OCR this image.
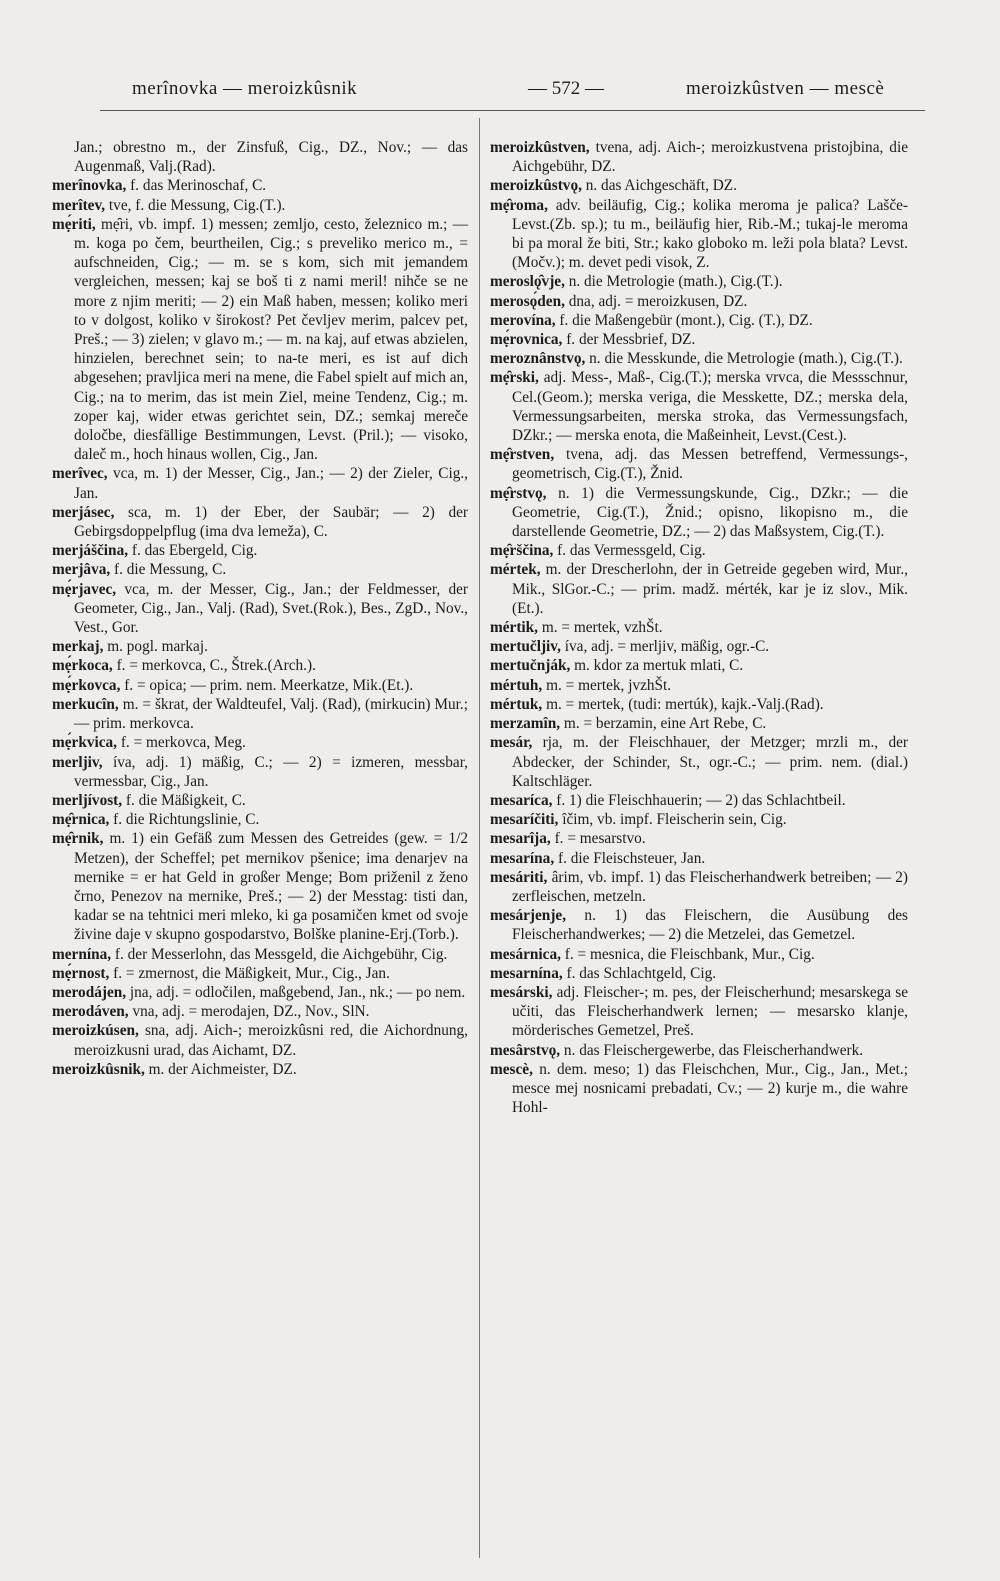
merînovka — meroizkûsnik	— 572 —	meroizkûstven — mescè
Jan.; obrestno m., der Zinsfuß, Cig., DZ., Nov.; — das Augenmaß, Valj.(Rad).
merînovka, f. das Merinoschaf, C.
merîtev, tve, f. die Messung, Cig.(T.).
mẹ́riti, mẹ̑ri, vb. impf. 1) messen; zemljo, cesto, železnico m.; — m. koga po čem, beurtheilen, Cig.; s preveliko merico m., = aufschneiden, Cig.; — m. se s kom, sich mit jemandem vergleichen, messen; kaj se boš ti z nami meril! nihče se ne more z njim meriti; — 2) ein Maß haben, messen; koliko meri to v dolgost, koliko v širokost? Pet čevljev merim, palcev pet, Preš.; — 3) zielen; v glavo m.; — m. na kaj, auf etwas abzielen, hinzielen, berechnet sein; to na-te meri, es ist auf dich abgesehen; pravljica meri na mene, die Fabel spielt auf mich an, Cig.; na to merim, das ist mein Ziel, meine Tendenz, Cig.; m. zoper kaj, wider etwas gerichtet sein, DZ.; semkaj mereče določbe, diesfällige Bestimmungen, Levst. (Pril.); — visoko, daleč m., hoch hinaus wollen, Cig., Jan.
merîvec, vca, m. 1) der Messer, Cig., Jan.; — 2) der Zieler, Cig., Jan.
merjásec, sca, m. 1) der Eber, der Saubär; — 2) der Gebirgsdoppelpflug (ima dva lemeža), C.
merjáščina, f. das Ebergeld, Cig.
merjâva, f. die Messung, C.
mẹ́rjavec, vca, m. der Messer, Cig., Jan.; der Feldmesser, der Geometer, Cig., Jan., Valj. (Rad), Svet.(Rok.), Bes., ZgD., Nov., Vest., Gor.
merkaj, m. pogl. markaj.
mẹ́rkoca, f. = merkovca, C., Štrek.(Arch.).
mẹ́rkovca, f. = opica; — prim. nem. Meerkatze, Mik.(Et.).
merkucîn, m. = škrat, der Waldteufel, Valj. (Rad), (mirkucin) Mur.; — prim. merkovca.
mẹ́rkvica, f. = merkovca, Meg.
merljiv, íva, adj. 1) mäßig, C.; — 2) = izmeren, messbar, vermessbar, Cig., Jan.
merljívost, f. die Mäßigkeit, C.
mẹ̑rnica, f. die Richtungslinie, C.
mẹ̑rnik, m. 1) ein Gefäß zum Messen des Getreides (gew. = 1/2 Metzen), der Scheffel; pet mernikov pšenice; ima denarjev na mernike = er hat Geld in großer Menge; Bom priženil z ženo črno, Penezov na mernike, Preš.; — 2) der Messtag: tisti dan, kadar se na tehtnici meri mleko, ki ga posamičen kmet od svoje živine daje v skupno gospodarstvo, Bolške planine-Erj.(Torb.).
mernína, f. der Messerlohn, das Messgeld, die Aichgebühr, Cig.
mẹ́rnost, f. = zmernost, die Mäßigkeit, Mur., Cig., Jan.
merodájen, jna, adj. = odločilen, maßgebend, Jan., nk.; — po nem.
merodáven, vna, adj. = merodajen, DZ., Nov., SlN.
meroizkúsen, sna, adj. Aich-; meroizkûsni red, die Aichordnung, meroizkusni urad, das Aichamt, DZ.
meroizkûsnik, m. der Aichmeister, DZ.
meroizkûstven, tvena, adj. Aich-; meroizkustvena pristojbina, die Aichgebühr, DZ.
meroizkûstvǫ, n. das Aichgeschäft, DZ.
mẹ̑roma, adv. beiläufig, Cig.; kolika meroma je palica? Lašče-Levst.(Zb. sp.); tu m., beiläufig hier, Rib.-M.; tukaj-le meroma bi pa moral že biti, Str.; kako globoko m. leži pola blata? Levst.(Močv.); m. devet pedi visok, Z.
meroslǫ̑vje, n. die Metrologie (math.), Cig.(T.).
merosǫ́den, dna, adj. = meroizkusen, DZ.
merovína, f. die Maßengebür (mont.), Cig. (T.), DZ.
mẹ́rovnica, f. der Messbrief, DZ.
meroznânstvǫ, n. die Messkunde, die Metrologie (math.), Cig.(T.).
mẹ̑rski, adj. Mess-, Maß-, Cig.(T.); merska vrvca, die Messschnur, Cel.(Geom.); merska veriga, die Messkette, DZ.; merska dela, Vermessungsarbeiten, merska stroka, das Vermessungsfach, DZkr.; — merska enota, die Maßeinheit, Levst.(Cest.).
mẹ̑rstven, tvena, adj. das Messen betreffend, Vermessungs-, geometrisch, Cig.(T.), Žnid.
mẹ̑rstvǫ, n. 1) die Vermessungskunde, Cig., DZkr.; — die Geometrie, Cig.(T.), Žnid.; opisno, likopisno m., die darstellende Geometrie, DZ.; — 2) das Maßsystem, Cig.(T.).
mẹ̑rščina, f. das Vermessgeld, Cig.
mértek, m. der Drescherlohn, der in Getreide gegeben wird, Mur., Mik., SlGor.-C.; — prim. madž. mérték, kar je iz slov., Mik.(Et.).
mértik, m. = mertek, vzhŠt.
mertučljiv, íva, adj. = merljiv, mäßig, ogr.-C.
mertučnják, m. kdor za mertuk mlati, C.
mértuh, m. = mertek, jvzhŠt.
mértuk, m. = mertek, (tudi: mertúk), kajk.-Valj.(Rad).
merzamîn, m. = berzamin, eine Art Rebe, C.
mesár, rja, m. der Fleischhauer, der Metzger; mrzli m., der Abdecker, der Schinder, St., ogr.-C.; — prim. nem. (dial.) Kaltschläger.
mesaríca, f. 1) die Fleischhauerin; — 2) das Schlachtbeil.
mesaríčiti, îčim, vb. impf. Fleischerin sein, Cig.
mesarîja, f. = mesarstvo.
mesarína, f. die Fleischsteuer, Jan.
mesáriti, ârim, vb. impf. 1) das Fleischerhandwerk betreiben; — 2) zerfleischen, metzeln.
mesárjenje, n. 1) das Fleischern, die Ausübung des Fleischerhandwerkes; — 2) die Metzelei, das Gemetzel.
mesárnica, f. = mesnica, die Fleischbank, Mur., Cig.
mesarnína, f. das Schlachtgeld, Cig.
mesárski, adj. Fleischer-; m. pes, der Fleischerhund; mesarskega se učiti, das Fleischerhandwerk lernen; — mesarsko klanje, mörderisches Gemetzel, Preš.
mesârstvǫ, n. das Fleischergewerbe, das Fleischerhandwerk.
mescè, n. dem. meso; 1) das Fleischchen, Mur., Cig., Jan., Met.; mesce mej nosnicami prebadati, Cv.; — 2) kurje m., die wahre Hohl-
